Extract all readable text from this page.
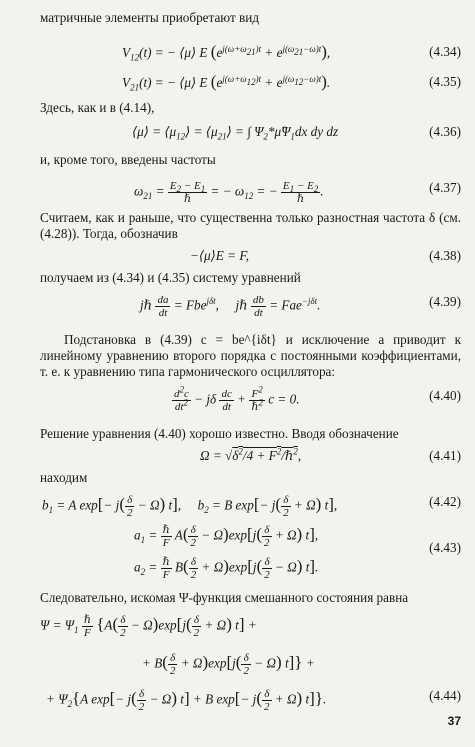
матричные элементы приобретают вид
$V_{12}(t)$ = − ⟨μ⟩ E $(e^{j(\omega+\omega_{21})t} + e^{j(\omega_{21}-\omega)t})$,	(4.34)
$V_{21}(t)$ = − ⟨μ⟩ E $(e^{j(\omega+\omega_{12})t} + e^{j(\omega_{12}-\omega)t})$.	(4.35)
Здесь, как и в (4.14),
⟨μ⟩ = $⟨\mu_{12}⟩$ = $⟨\mu_{21}⟩$ = ∫ $\Psi_2*\mû\Psi_1dx$ dy dz	(4.36)
и, кроме того, введены частоты
$\omega_{21} = E_2 - E_1$
ℏ
= − $\omega_{12}$ = − $E_1 - E_2$
ℏ
.	(4.37)
Считаем, как и раньше, что существенна только разностная частота δ (см. (4.28)). Тогда, обозначив
−⟨μ⟩E = F,	(4.38)
получаем из (4.34) и (4.35) систему уравнений
jℏ $\frac{da}{dt} = Fbe^{j\delta t}$,     jℏ $\frac{db}{dt} = Fae^{-j\delta t}$.	(4.39)
Подстановка в (4.39) c = be^{iδt} и исключение a приводит к линейному уравнению второго порядка с постоянными коэффициентами, т. е. к уравнению типа гармонического осциллятора:
$\frac{d^2c}{dt^2} - j\delta \frac{dc}{dt} + F^2$
ℏ$^2$ c = 0.	(4.40)
Решение уравнения (4.40) хорошо известно. Вводя обозначение
$\Omega = √\delta^2/4$ + $F^2/\hbar^2$,	(4.41)
находим
$b_1 = A$ $\exp[- j( \frac{\delta}{2} - \Omega)$ t],     $b_2 = B$ $\exp[- j( \frac{\delta}{2} + \Omega)$ t],	(4.42)
$a_1$ = ℏ
F
$A( \frac{\delta}{2} - \Omega)\exp[j( \frac{\delta}{2} + \Omega)$ t],
$a_2$ = ℏ
F
$B( \frac{\delta}{2} + \Omega)\exp[j( \frac{\delta}{2} - \Omega)$ t].
(4.43)
Следовательно, искомая Ψ-функция смешанного состояния равна
$\Psi = \Psi_1$
ℏ
F {$A( \frac{\delta}{2} - \Omega)\exp[j( \frac{\delta}{2} + \Omega)$ t] +
+ $B( \frac{\delta}{2} + \Omega)\exp[j( \frac{\delta}{2} - \Omega)$ t]} +
+ $\Psi_2\{A$ $\exp[- j( \frac{\delta}{2} - \Omega)$ t] + B $\exp[- j( \frac{\delta}{2} + \Omega)$ t]}.	(4.44)
37
